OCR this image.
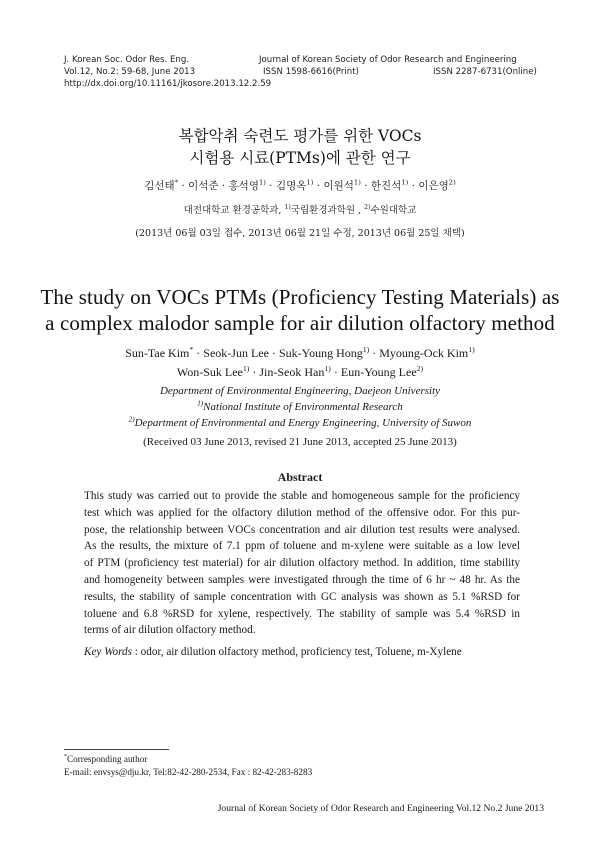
J. Korean Soc. Odor Res. Eng.
Vol.12, No.2: 59-68, June 2013
http://dx.doi.org/10.11161/jkosore.2013.12.2.59
Journal of Korean Society of Odor Research and Engineering
ISSN 1598-6616(Print)	ISSN 2287-6731(Online)
복합악취 숙련도 평가를 위한 VOCs
시험용 시료(PTMs)에 관한 연구
김선태* · 이석준 · 홍석영$^{1)}$ · 김명옥$^{1)}$ · 이원석$^{1)}$ · 한진석$^{1)}$ · 이은영$^{2)}$
대전대학교 환경공학과, $^{1)}$국립환경과학원 , $^{2)}$수원대학교
(2013년 06월 03일 접수, 2013년 06월 21일 수정, 2013년 06월 25일 채택)
The study on VOCs PTMs (Proficiency Testing Materials) as
a complex malodor sample for air dilution olfactory method
Sun-Tae Kim* · Seok-Jun Lee · Suk-Young Hong$^{1)}$ · Myoung-Ock Kim$^{1)}$
Won-Suk Lee$^{1)}$ · Jin-Seok Han$^{1)}$ · Eun-Young Lee$^{2)}$
Department of Environmental Engineering, Daejeon University
$^{1)}$National Institute of Environmental Research
$^{2)}$Department of Environmental and Energy Engineering, University of Suwon
(Received 03 June 2013, revised 21 June 2013, accepted 25 June 2013)
Abstract
This study was carried out to provide the stable and homogeneous sample for the proficiency
test which was applied for the olfactory dilution method of the offensive odor. For this pur-
pose, the relationship between VOCs concentration and air dilution test results were analysed.
As the results, the mixture of 7.1 ppm of toluene and m-xylene were suitable as a low level
of PTM (proficiency test material) for air dilution olfactory method. In addition, time stability
and homogeneity between samples were investigated through the time of 6 hr ~ 48 hr. As the
results, the stability of sample concentration with GC analysis was shown as 5.1 %RSD for
toluene and 6.8 %RSD for xylene, respectively. The stability of sample was 5.4 %RSD in
terms of air dilution olfactory method.
Key Words : odor, air dilution olfactory method, proficiency test, Toluene, m-Xylene
*Corresponding author
E-mail: envsys@dju.kr, Tel:82-42-280-2534, Fax : 82-42-283-8283
Journal of Korean Society of Odor Research and Engineering Vol.12 No.2 June 2013
